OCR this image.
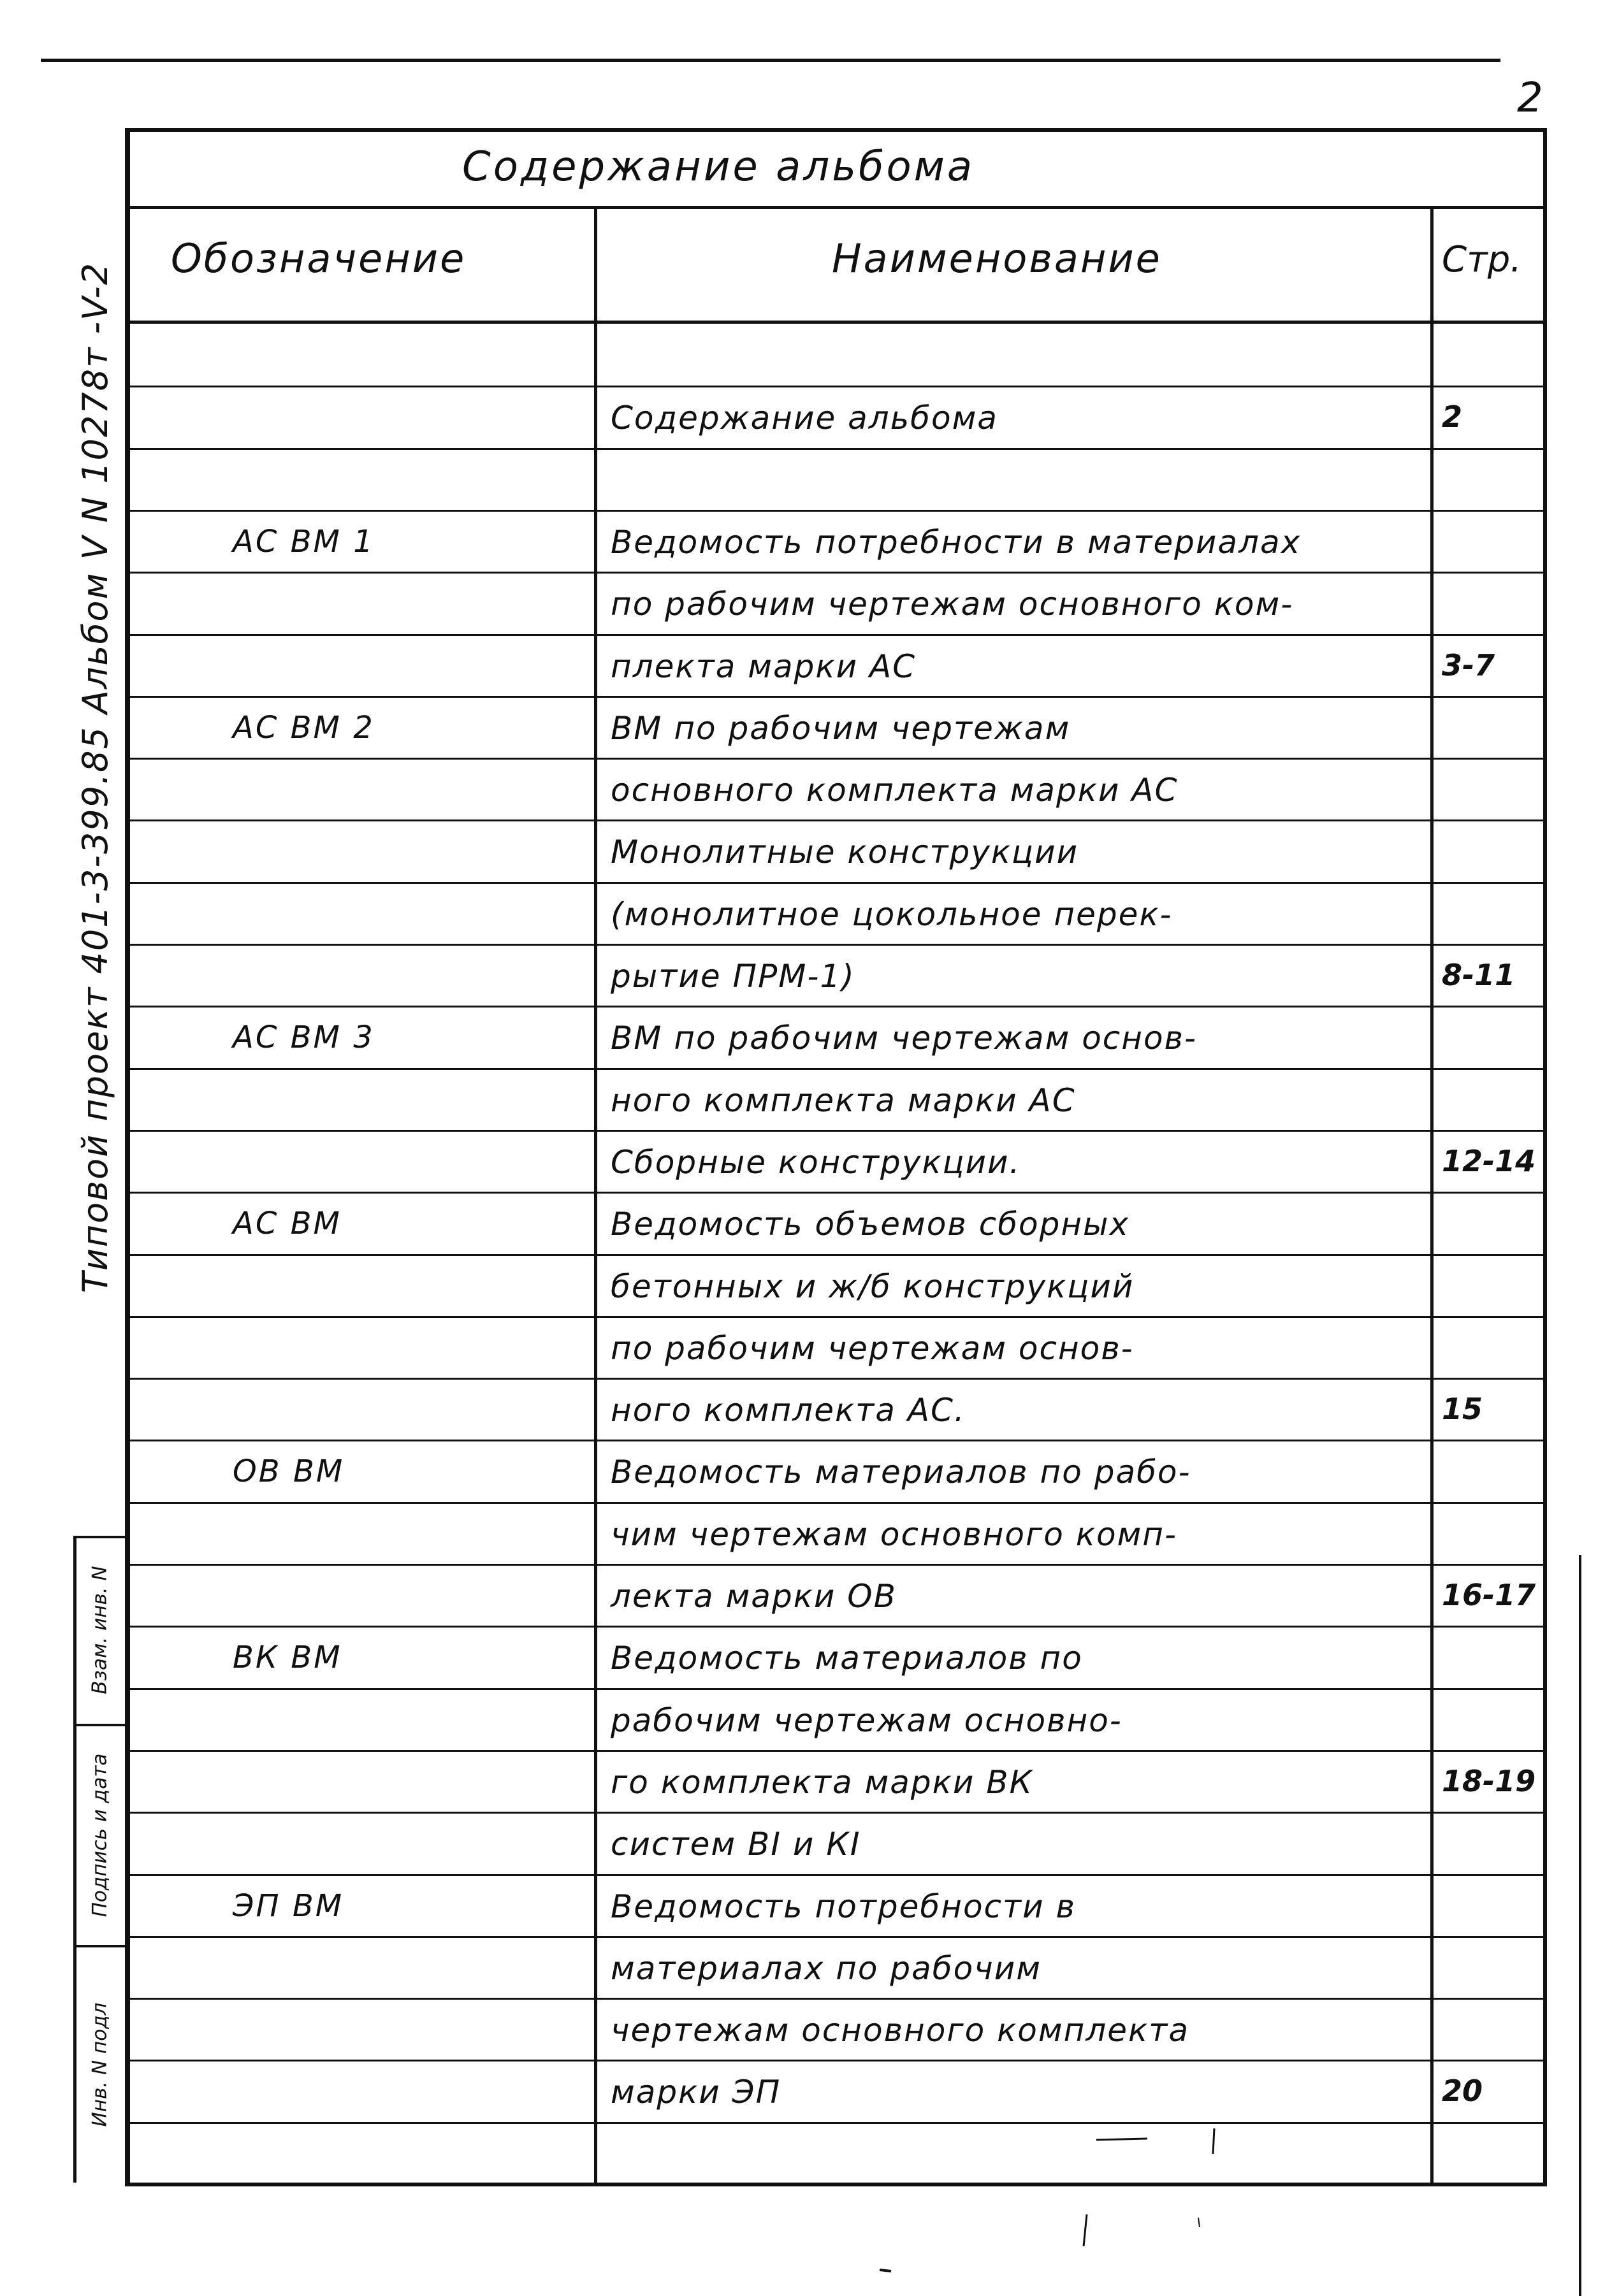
2
Типовой проект 401-3-399.85 Альбом V N 10278т -V-2
Взам. инв. N
Подпись и дата
Инв. N подл
Содержание альбома
Обозначение	Наименование	Стр.
Содержание альбома	2
АС ВМ 1	Ведомость потребности в материалах
по рабочим чертежам основного ком-
плекта марки АС	3-7
АС ВМ 2	ВМ по рабочим чертежам
основного комплекта марки АС
Монолитные конструкции
(монолитное цокольное перек-
рытие ПРМ-1)	8-11
АС ВМ 3	ВМ по рабочим чертежам основ-
ного комплекта марки АС
Сборные конструкции.	12-14
АС ВМ	Ведомость объемов сборных
бетонных и ж/б конструкций
по рабочим чертежам основ-
ного комплекта АС.	15
ОВ ВМ	Ведомость материалов по рабо-
чим чертежам основного комп-
лекта марки ОВ	16-17
ВК ВМ	Ведомость материалов по
рабочим чертежам основно-
го комплекта марки ВК	18-19
систем ВI и КI
ЭП ВМ	Ведомость потребности в
материалах по рабочим
чертежам основного комплекта
марки ЭП	20
